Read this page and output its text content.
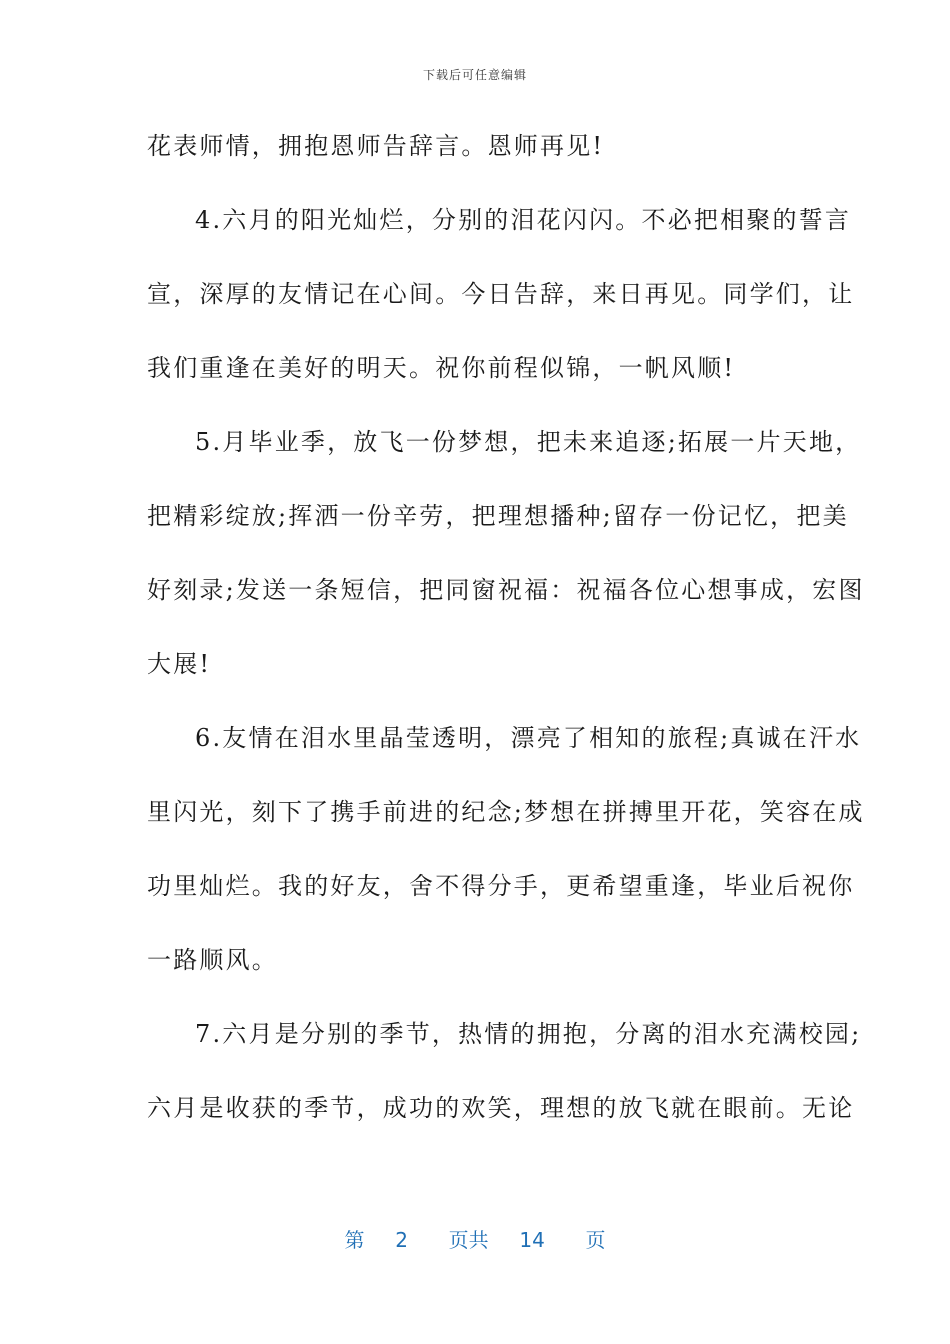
下载后可任意编辑
花表师情，拥抱恩师告辞言。恩师再见!
4.六月的阳光灿烂，分别的泪花闪闪。不必把相聚的誓言
宣，深厚的友情记在心间。今日告辞，来日再见。同学们，让
我们重逢在美好的明天。祝你前程似锦，一帆风顺!
5.月毕业季，放飞一份梦想，把未来追逐;拓展一片天地，
把精彩绽放;挥洒一份辛劳，把理想播种;留存一份记忆，把美
好刻录;发送一条短信，把同窗祝福：祝福各位心想事成，宏图
大展!
6.友情在泪水里晶莹透明，漂亮了相知的旅程;真诚在汗水
里闪光，刻下了携手前进的纪念;梦想在拼搏里开花，笑容在成
功里灿烂。我的好友，舍不得分手，更希望重逢，毕业后祝你
一路顺风。
7.六月是分别的季节，热情的拥抱，分离的泪水充满校园;
六月是收获的季节，成功的欢笑，理想的放飞就在眼前。无论
第 2 页共 14 页
